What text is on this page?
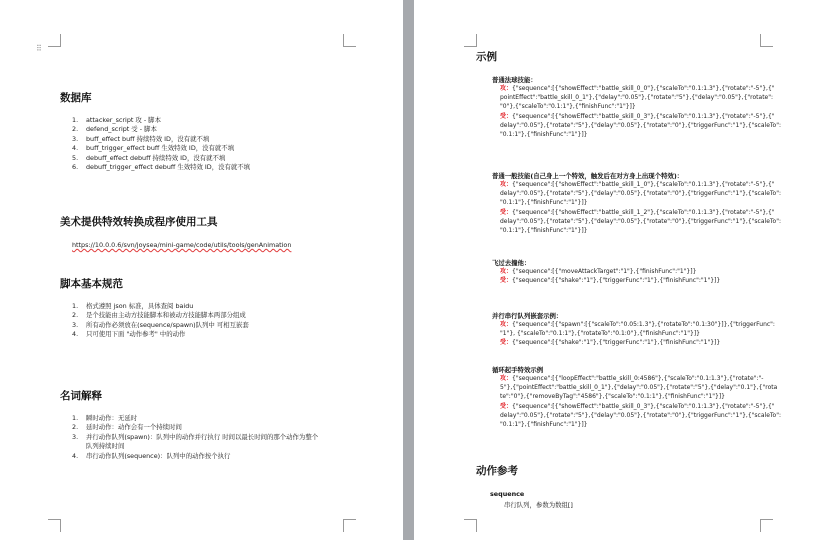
⠿
数据库
1. attacker_script 攻 - 脚本
2. defend_script 受 - 脚本
3. buff_effect buff 持续特效 ID，没有就不填
4. buff_trigger_effect buff 生效特效 ID，没有就不填
5. debuff_effect debuff 持续特效 ID，没有就不填
6. debuff_trigger_effect debuff 生效特效 ID，没有就不填
美术提供特效转换成程序使用工具
https://10.0.0.6/svn/joysea/mini-game/code/utils/tools/genAnimation
脚本基本规范
1. 格式遵照 json 标准，具体查阅 baidu
2. 是个技能由主动方技能脚本和被动方技能脚本两部分组成
3. 所有动作必须放在(sequence/spawn)队列中 可相互嵌套
4. 只可使用下面 "动作参考" 中的动作
名词解释
1. 瞬时动作：无延时
2. 延时动作：动作会有一个持续时间
3. 并行动作队列(spawn)：队列中的动作并行执行 时间以最长时间的那个动作为整个
队列持续时间
4. 串行动作队列(sequence)：队列中的动作按个执行
示例
普通法球技能：
攻：{"sequence":[{"showEffect":"battle_skill_0_0"},{"scaleTo":"0.1:1.3"},{"rotate":"-5"},{"
pointEffect":"battle_skill_0_1"},{"delay":"0.05"},{"rotate":"5"},{"delay":"0.05"},{"rotate":
"0"},{"scaleTo":"0.1:1"},{"finishFunc":"1"}]}
受：{"sequence":[{"showEffect":"battle_skill_0_3"},{"scaleTo":"0.1:1.3"},{"rotate":"-5"},{"
delay":"0.05"},{"rotate":"5"},{"delay":"0.05"},{"rotate":"0"},{"triggerFunc":"1"},{"scaleTo":
"0.1:1"},{"finishFunc":"1"}]}
普通一般技能(自己身上一个特效，触发后在对方身上出现个特效)：
攻：{"sequence":[{"showEffect":"battle_skill_1_0"},{"scaleTo":"0.1:1.3"},{"rotate":"-5"},{"
delay":"0.05"},{"rotate":"5"},{"delay":"0.05"},{"rotate":"0"},{"triggerFunc":"1"},{"scaleTo":
"0.1:1"},{"finishFunc":"1"}]}
受：{"sequence":[{"showEffect":"battle_skill_1_2"},{"scaleTo":"0.1:1.3"},{"rotate":"-5"},{"
delay":"0.05"},{"rotate":"5"},{"delay":"0.05"},{"rotate":"0"},{"triggerFunc":"1"},{"scaleTo":
"0.1:1"},{"finishFunc":"1"}]}
飞过去撞他：
攻：{"sequence":[{"moveAttackTarget":"1"},{"finishFunc":"1"}]}
受：{"sequence":[{"shake":"1"},{"triggerFunc":"1"},{"finishFunc":"1"}]}
并行串行队列嵌套示例：
攻：{"sequence":[{"spawn":[{"scaleTo":"0.05:1.3"},{"rotateTo":"0.1:30"}]},{"triggerFunc":
"1"}, {"scaleTo":"0.1:1"},{"rotateTo":"0.1:0"},{"finishFunc":"1"}]}
受：{"sequence":[{"shake":"1"},{"triggerFunc":"1"},{"finishFunc":"1"}]}
循环起手特效示例
攻：{"sequence":[{"loopEffect":"battle_skill_0:4586"},{"scaleTo":"0.1:1.3"},{"rotate":"-
5"},{"pointEffect":"battle_skill_0_1"},{"delay":"0.05"},{"rotate":"5"},{"delay":"0.1"},{"rota
te":"0"},{"removeByTag":"4586"},{"scaleTo":"0.1:1"},{"finishFunc":"1"}]}
受：{"sequence":[{"showEffect":"battle_skill_0_3"},{"scaleTo":"0.1:1.3"},{"rotate":"-5"},{"
delay":"0.05"},{"rotate":"5"},{"delay":"0.05"},{"rotate":"0"},{"triggerFunc":"1"},{"scaleTo":
"0.1:1"},{"finishFunc":"1"}]}
动作参考
sequence
串行队列，参数为数组[]
